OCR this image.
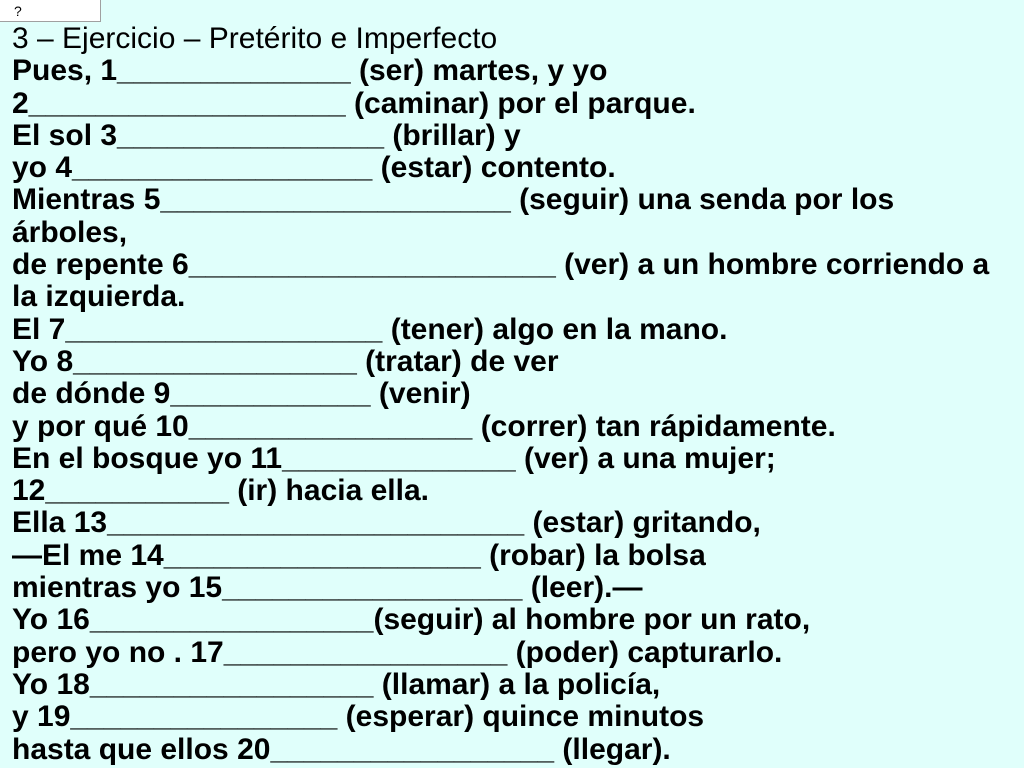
?
3 – Ejercicio – Pretérito e Imperfecto
Pues, 1______________ (ser) martes, y yo
2___________________ (caminar) por el parque.
El sol 3________________ (brillar) y
yo 4__________________ (estar) contento.
Mientras 5_____________________ (seguir) una senda por los
árboles,
de repente 6______________________ (ver) a un hombre corriendo a
la izquierda.
El 7___________________ (tener) algo en la mano.
Yo 8_________________ (tratar) de ver
de dónde 9____________ (venir)
y por qué 10_________________ (correr) tan rápidamente.
En el bosque yo 11______________ (ver) a una mujer;
12___________ (ir) hacia ella.
Ella 13_________________________ (estar) gritando,
—El me 14___________________ (robar) la bolsa
mientras yo 15__________________ (leer).—
Yo 16_________________(seguir) al hombre por un rato,
pero yo no . 17_________________ (poder) capturarlo.
Yo 18_________________ (llamar) a la policía,
y 19________________ (esperar) quince minutos
hasta que ellos 20_________________ (llegar).
